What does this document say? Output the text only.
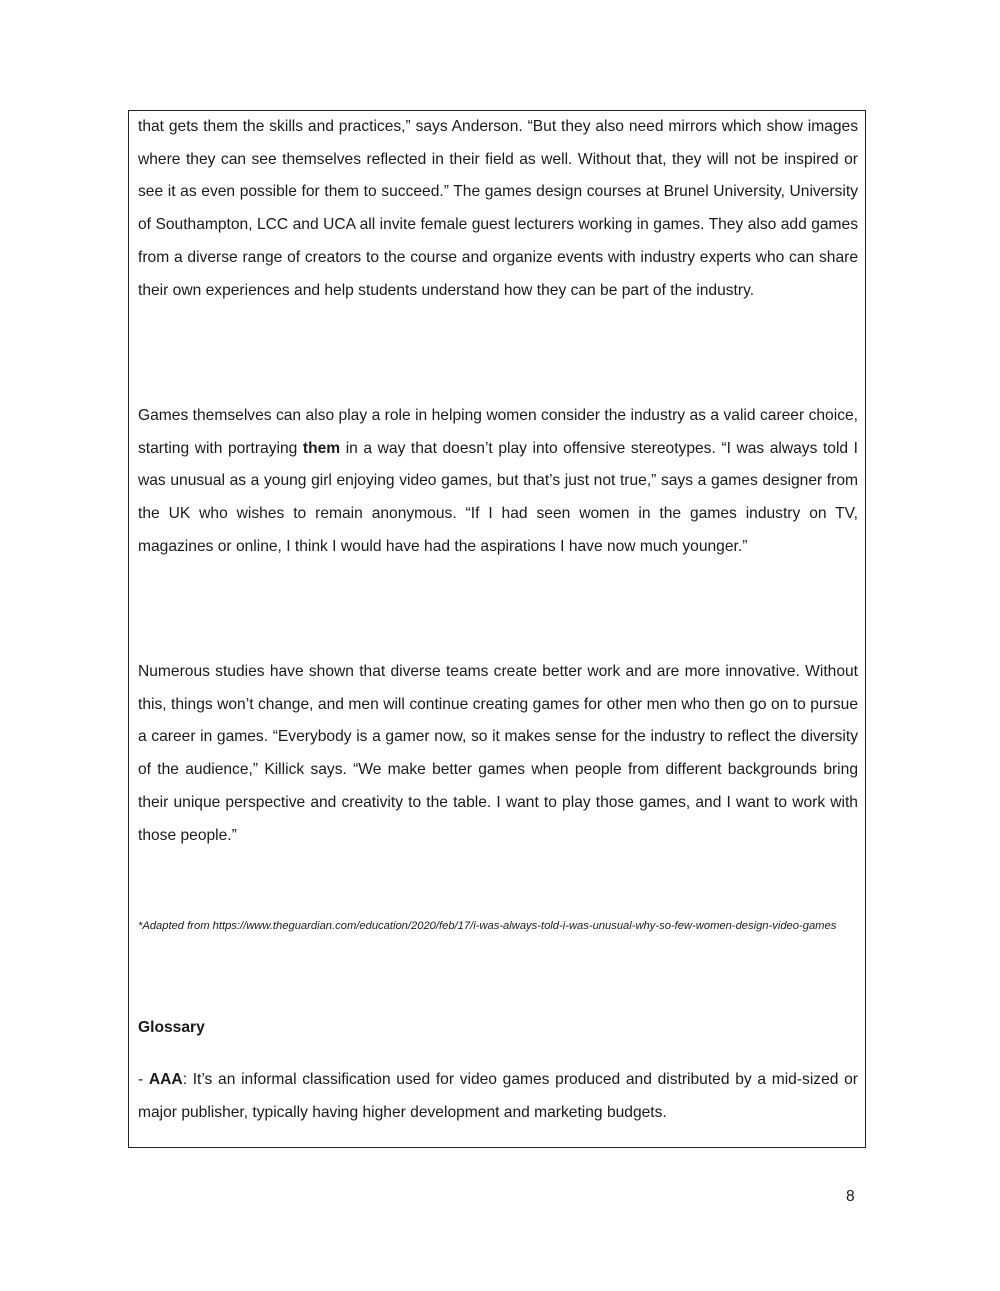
that gets them the skills and practices,” says Anderson. “But they also need mirrors which show images where they can see themselves reflected in their field as well. Without that, they will not be inspired or see it as even possible for them to succeed.” The games design courses at Brunel University, University of Southampton, LCC and UCA all invite female guest lecturers working in games. They also add games from a diverse range of creators to the course and organize events with industry experts who can share their own experiences and help students understand how they can be part of the industry.

Games themselves can also play a role in helping women consider the industry as a valid career choice, starting with portraying them in a way that doesn’t play into offensive stereotypes. “I was always told I was unusual as a young girl enjoying video games, but that’s just not true,” says a games designer from the UK who wishes to remain anonymous. “If I had seen women in the games industry on TV, magazines or online, I think I would have had the aspirations I have now much younger.”

Numerous studies have shown that diverse teams create better work and are more innovative. Without this, things won’t change, and men will continue creating games for other men who then go on to pursue a career in games. “Everybody is a gamer now, so it makes sense for the industry to reflect the diversity of the audience,” Killick says. “We make better games when people from different backgrounds bring their unique perspective and creativity to the table. I want to play those games, and I want to work with those people.”

*Adapted from https://www.theguardian.com/education/2020/feb/17/i-was-always-told-i-was-unusual-why-so-few-women-design-video-games

Glossary

- AAA: It’s an informal classification used for video games produced and distributed by a mid-sized or major publisher, typically having higher development and marketing budgets.

8
